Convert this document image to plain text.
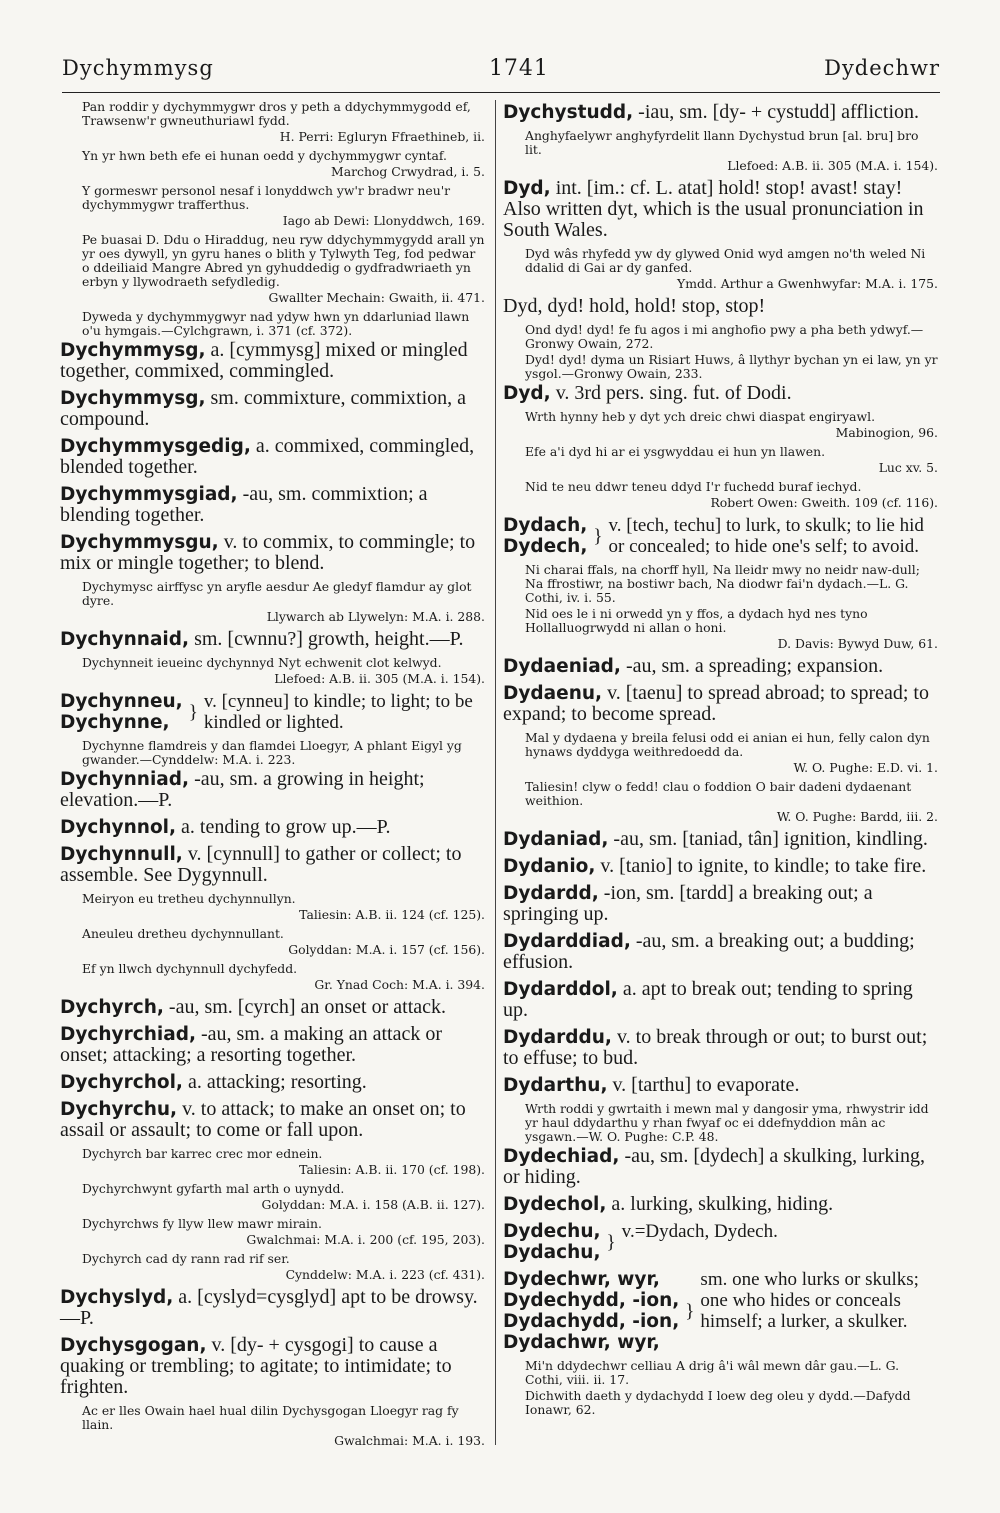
Dychymmysg	1741	Dydechwr
Pan roddir y dychymmygwr dros y peth a ddychymmygodd ef, Trawsenw'r gwneuthuriawl fydd.
H. Perri: Egluryn Ffraethineb, ii.
Yn yr hwn beth efe ei hunan oedd y dychymmygwr cyntaf.
Marchog Crwydrad, i. 5.
Y gormeswr personol nesaf i lonyddwch yw'r bradwr neu'r dychymmygwr trafferthus.
Iago ab Dewi: Llonyddwch, 169.
Pe buasai D. Ddu o Hiraddug, neu ryw ddychymmygydd arall yn yr oes dywyll, yn gyru hanes o blith y Tylwyth Teg, fod pedwar o ddeiliaid Mangre Abred yn gyhuddedig o gydfradwriaeth yn erbyn y llywodraeth sefydledig.
Gwallter Mechain: Gwaith, ii. 471.
Dyweda y dychymmygwyr nad ydyw hwn yn ddarluniad llawn o'u hymgais.—Cylchgrawn, i. 371 (cf. 372).
Dychymmysg, a. [cymmysg] mixed or mingled together, commixed, commingled.
Dychymmysg, sm. commixture, commixtion, a compound.
Dychymmysgedig, a. commixed, commingled, blended together.
Dychymmysgiad, -au, sm. commixtion; a blending together.
Dychymmysgu, v. to commix, to commingle; to mix or mingle together; to blend.
Dychymysc airffysc yn aryfle aesdur Ae gledyf flamdur ay glot dyre.
Llywarch ab Llywelyn: M.A. i. 288.
Dychynnaid, sm. [cwnnu?] growth, height.—P.
Dychynneit ieueinc dychynnyd Nyt echwenit clot kelwyd.
Llefoed: A.B. ii. 305 (M.A. i. 154).
Dychynneu,
Dychynne,	} v. [cynneu] to kindle; to light; to be kindled or lighted.
Dychynne flamdreis y dan flamdei Lloegyr, A phlant Eigyl yg gwander.—Cynddelw: M.A. i. 223.
Dychynniad, -au, sm. a growing in height; elevation.—P.
Dychynnol, a. tending to grow up.—P.
Dychynnull, v. [cynnull] to gather or collect; to assemble. See Dygynnull.
Meiryon eu tretheu dychynnullyn.
Taliesin: A.B. ii. 124 (cf. 125).
Aneuleu dretheu dychynnullant.
Golyddan: M.A. i. 157 (cf. 156).
Ef yn llwch dychynnull dychyfedd.
Gr. Ynad Coch: M.A. i. 394.
Dychyrch, -au, sm. [cyrch] an onset or attack.
Dychyrchiad, -au, sm. a making an attack or onset; attacking; a resorting together.
Dychyrchol, a. attacking; resorting.
Dychyrchu, v. to attack; to make an onset on; to assail or assault; to come or fall upon.
Dychyrch bar karrec crec mor ednein.
Taliesin: A.B. ii. 170 (cf. 198).
Dychyrchwynt gyfarth mal arth o uynydd.
Golyddan: M.A. i. 158 (A.B. ii. 127).
Dychyrchws fy llyw llew mawr mirain.
Gwalchmai: M.A. i. 200 (cf. 195, 203).
Dychyrch cad dy rann rad rif ser.
Cynddelw: M.A. i. 223 (cf. 431).
Dychyslyd, a. [cyslyd=cysglyd] apt to be drowsy.—P.
Dychysgogan, v. [dy- + cysgogi] to cause a quaking or trembling; to agitate; to intimidate; to frighten.
Ac er lles Owain hael hual dilin Dychysgogan Lloegyr rag fy llain.
Gwalchmai: M.A. i. 193.
Dychystudd, -iau, sm. [dy- + cystudd] affliction.
Anghyfaelywr anghyfyrdelit llann Dychystud brun [al. bru] bro lit.
Llefoed: A.B. ii. 305 (M.A. i. 154).
Dyd, int. [im.: cf. L. atat] hold! stop! avast! stay! Also written dyt, which is the usual pronunciation in South Wales.
Dyd wâs rhyfedd yw dy glywed Onid wyd amgen no'th weled Ni ddalid di Gai ar dy ganfed.
Ymdd. Arthur a Gwenhwyfar: M.A. i. 175.
Dyd, dyd! hold, hold! stop, stop!
Ond dyd! dyd! fe fu agos i mi anghofio pwy a pha beth ydwyf.—Gronwy Owain, 272.
Dyd! dyd! dyma un Risiart Huws, â llythyr bychan yn ei law, yn yr ysgol.—Gronwy Owain, 233.
Dyd, v. 3rd pers. sing. fut. of Dodi.
Wrth hynny heb y dyt ych dreic chwi diaspat engiryawl.
Mabinogion, 96.
Efe a'i dyd hi ar ei ysgwyddau ei hun yn llawen.
Luc xv. 5.
Nid te neu ddwr teneu ddyd I'r fuchedd buraf iechyd.
Robert Owen: Gweith. 109 (cf. 116).
Dydach,
Dydech, } v. [tech, techu] to lurk, to skulk; to lie hid or concealed; to hide one's self; to avoid.
Ni charai ffals, na chorff hyll, Na lleidr mwy no neidr naw-dull; Na ffrostiwr, na bostiwr bach, Na diodwr fai'n dydach.—L. G. Cothi, iv. i. 55.
Nid oes le i ni orwedd yn y ffos, a dydach hyd nes tyno Hollalluogrwydd ni allan o honi.
D. Davis: Bywyd Duw, 61.
Dydaeniad, -au, sm. a spreading; expansion.
Dydaenu, v. [taenu] to spread abroad; to spread; to expand; to become spread.
Mal y dydaena y breila felusi odd ei anian ei hun, felly calon dyn hynaws dyddyga weithredoedd da.
W. O. Pughe: E.D. vi. 1.
Taliesin! clyw o fedd! clau o foddion O bair dadeni dydaenant weithion.
W. O. Pughe: Bardd, iii. 2.
Dydaniad, -au, sm. [taniad, tân] ignition, kindling.
Dydanio, v. [tanio] to ignite, to kindle; to take fire.
Dydardd, -ion, sm. [tardd] a breaking out; a springing up.
Dydarddiad, -au, sm. a breaking out; a budding; effusion.
Dydarddol, a. apt to break out; tending to spring up.
Dydarddu, v. to break through or out; to burst out; to effuse; to bud.
Dydarthu, v. [tarthu] to evaporate.
Wrth roddi y gwrtaith i mewn mal y dangosir yma, rhwystrir idd yr haul ddydarthu y rhan fwyaf oc ei ddefnyddion mân ac ysgawn.—W. O. Pughe: C.P. 48.
Dydechiad, -au, sm. [dydech] a skulking, lurking, or hiding.
Dydechol, a. lurking, skulking, hiding.
Dydechu,
Dydachu, } v.=Dydach, Dydech.
Dydechwr, wyr,
Dydechydd, -ion,
Dydachydd, -ion,
Dydachwr, wyr,
}
sm. one who lurks or skulks; one who hides or conceals himself; a lurker, a skulker.
Mi'n ddydechwr celliau A drig â'i wâl mewn dâr gau.—L. G. Cothi, viii. ii. 17.
Dichwith daeth y dydachydd I loew deg oleu y dydd.—Dafydd Ionawr, 62.
